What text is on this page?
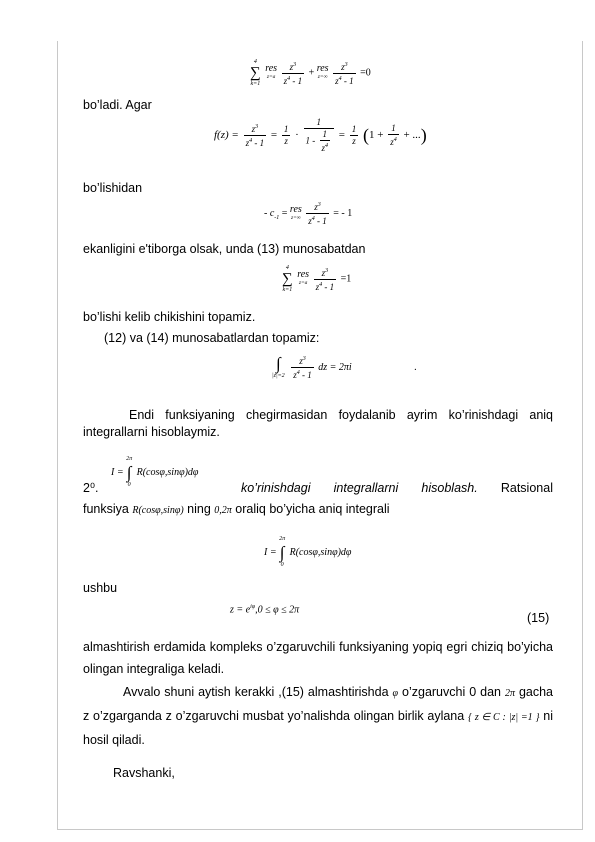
4
∑
k=1

res
z=a
$\frac{z^3}{z^4 - 1}$ + res
z=∞
$\frac{z^3}{z^4 - 1} =0$
bo’ladi. Agar
$f(z) = \frac{z^3}{z^4 - 1} = \frac{1}{z} \cdot \frac{1}{1 - \frac{1}{z^4}} = \frac{1}{z} (1 + \frac{1}{z^4}$ + ...)
bo’lishidan
- $c_{-1}$ = res
z=∞
$\frac{z^3}{z^4 - 1}$ = - 1
ekanligini e'tiborga olsak, unda (13) munosabatdan
4
∑
k=1

res
z=a
$\frac{z^3}{z^4 - 1} =1$
bo’lishi kelib chikishini topamiz.
(12) va (14) munosabatlardan topamiz:
∫
|z|=2
$\frac{z^3}{z^4 - 1}$ dz = 2πi	.
Endi funksiyaning chegirmasidan foydalanib ayrim ko’rinishdagi aniq integrallarni hisoblaymiz.
I =
2π
∫
0
R(cosφ,sinφ)dφ
2⁰.	ko’rinishdagi integrallarni hisoblash. Ratsional
funksiya R(cosφ,sinφ) ning 0,2π oraliq bo’yicha aniq integrali
I =
2π
∫
0
R(cosφ,sinφ)dφ
ushbu
$z = e^{i\varphi},0 \le \varphi \le 2\pi$
(15)
almashtirish erdamida kompleks o’zgaruvchili funksiyaning yopiq egri chiziq bo’yicha olingan integraliga keladi.
Avvalo shuni aytish kerakki ,(15) almashtirishda φ o’zgaruvchi 0 dan 2π gacha z o’zgarganda z o’zgaruvchi musbat yo’nalishda olingan birlik aylana { z ∈ C : |z| =1 } ni hosil qiladi.
Ravshanki,
